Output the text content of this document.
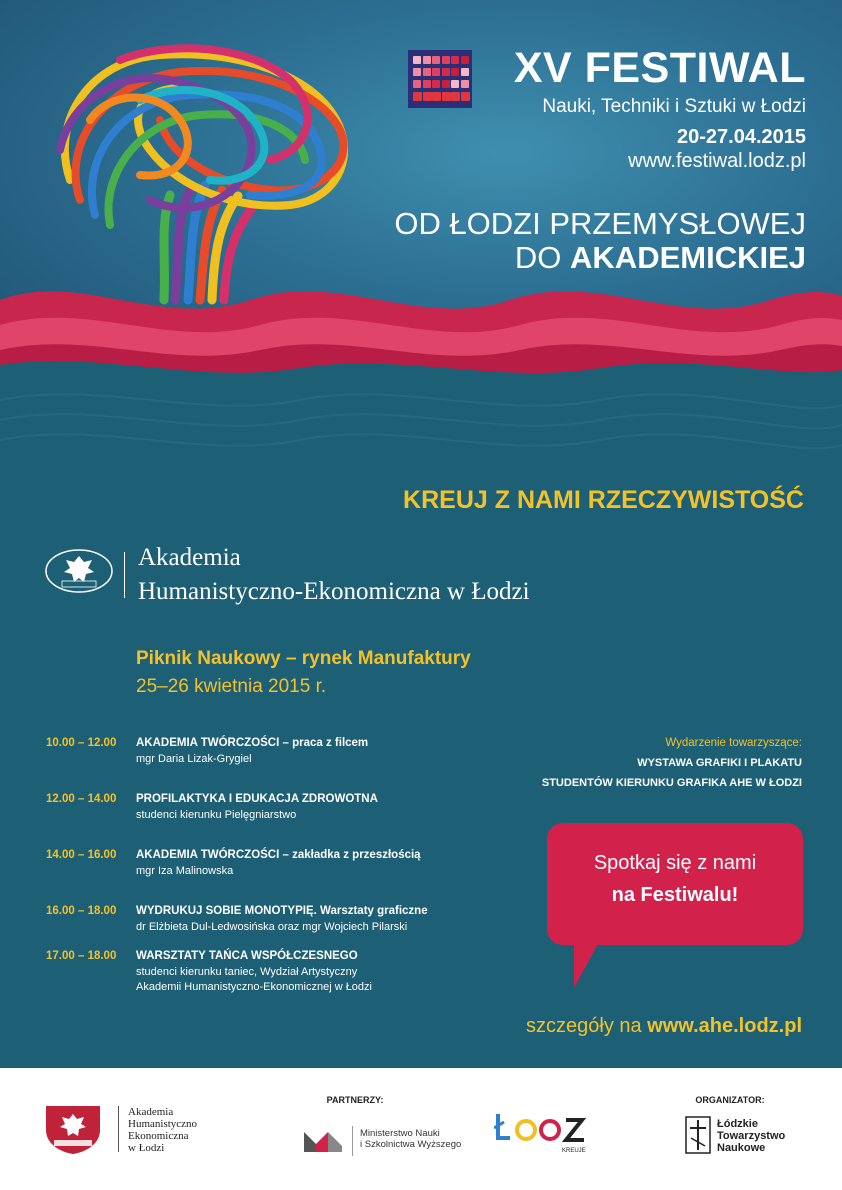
XV FESTIWAL
Nauki, Techniki i Sztuki w Łodzi
20-27.04.2015
www.festiwal.lodz.pl
OD ŁODZI PRZEMYSŁOWEJ
DO AKADEMICKIEJ
KREUJ Z NAMI RZECZYWISTOŚĆ
Akademia
Humanistyczno-Ekonomiczna w Łodzi
Piknik Naukowy – rynek Manufaktury
25–26 kwietnia 2015 r.
10.00 – 12.00 AKADEMIA TWÓRCZOŚCI – praca z filcem
mgr Daria Lizak-Grygiel
12.00 – 14.00 PROFILAKTYKA I EDUKACJA ZDROWOTNA
studenci kierunku Pielęgniarstwo
14.00 – 16.00 AKADEMIA TWÓRCZOŚCI – zakładka z przeszłością
mgr Iza Malinowska
16.00 – 18.00 WYDRUKUJ SOBIE MONOTYPIĘ. Warsztaty graficzne
dr Elżbieta Dul-Ledwosińska oraz mgr Wojciech Pilarski
17.00 – 18.00 WARSZTATY TAŃCA WSPÓŁCZESNEGO
studenci kierunku taniec, Wydział Artystyczny
Akademii Humanistyczno-Ekonomicznej w Łodzi
Wydarzenie towarzyszące:
WYSTAWA GRAFIKI I PLAKATU
STUDENTÓW KIERUNKU GRAFIKA AHE W ŁODZI
Spotkaj się z nami
na Festiwalu!
szczegóły na www.ahe.lodz.pl
Akademia
Humanistyczno
Ekonomiczna
w Łodzi
PARTNERZY:
Ministerstwo Nauki
i Szkolnictwa Wyższego
KREUJE
ORGANIZATOR:
Łódzkie
Towarzystwo
Naukowe
